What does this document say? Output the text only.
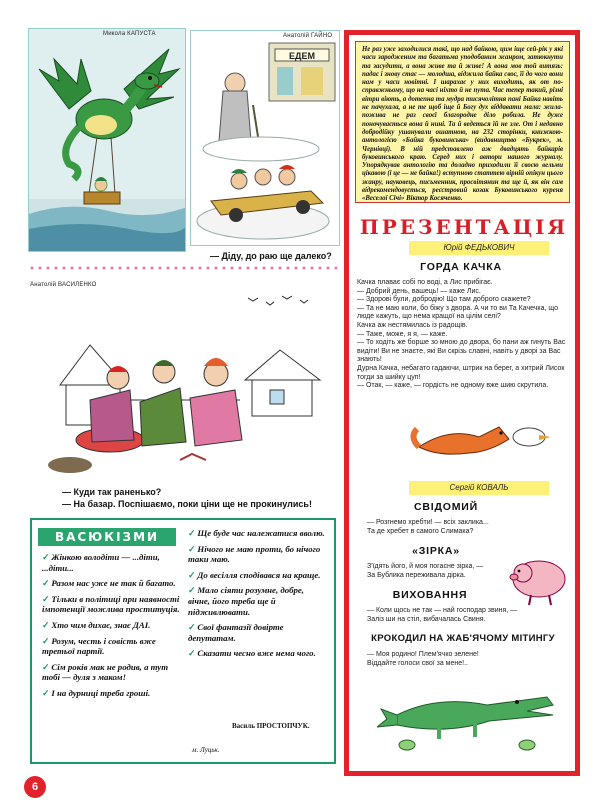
Микола КАПУСТА	Анатолій ГАЙНО
ЕДЕМ
— Діду, до раю ще далеко?
Анатолій ВАСИЛЕНКО
— Куди так раненько?
— На базар. Поспішаємо, поки ціни ще не прокинулись!
ВАСЮКІЗМИ
✓ Жінкою володіти — ...діти, ...діти...
✓ Разом нас уже не так й багато.
✓ Тільки в політиці при наявності імпотенції можлива проституція.
✓ Хто чим дихає, знає ДАІ.
✓ Розум, честь і совість вже третьої партії.
✓ Сім років мак не родив, а тут тобі — дуля з маком!
✓ І на дурниці треба гроші.
✓ Ще буде час належатися вволю.
✓ Нічого не маю проти, бо нічого таки маю.
✓ До весілля сподівався на краще.
✓ Мало сіяти розумне, добре, вічне, його треба ще й підживлювати.
✓ Свої фантазії довірте депутатам.
✓ Сказати чесно вже нема чого.
Василь ПРОСТОПЧУК.
м. Луцьк.
Не раз уже заходилися такі, що над байкою, цим іще сей-рік у які часи зародженим та багатьма уподобаним жанром, затюкнути та засудити, а вона живе та й живе! А вона мов той витязь: падає і знову стає — молодша, віджила байка своє, її до чого вони нам у часи новітні. І шарахає у них виходить, як от по-справжньому, що на часі ніхто й не пута. Час тепер такий, різні вітри віють, а дотепна та мудра тисячолітня пані Байка навіть не пачухала, а не те щоб іще й Богу дух віддавати мала: жила-пожива не раз своєї благородне діло робила. Не дуже поночувається вона й нині. Та й ведеться їй не зле. От і недавно добродійку ушанували ошатною, на 232 сторінки, книжкою-антологією «Байка буковинська» (видавництво «Букрек», м. Чернівці). В ній представлено аж двадцять байкарів буковинського краю. Серед них і автори нашого журналу. Упорядкував антологію та доладно приходили її своєю вельми цікавою (і це — не байка!) вступною статтею вірній опікун цього жанру, науковець, письменник, просвітянин та ще й, як він сам відрекомендовується, реєстровий козак Буковинського куреня «Веселої Січі» Віктор Косяченко.
ПРЕЗЕНТАЦІЯ
Юрій ФЕДЬКОВИЧ
ГОРДА КАЧКА
Качка плаває собі по воді, а Лис прибігає.
— Добрий день, вашець! — каже Лис.
— Здорові були, добродію! Що там доброго скажете?
— Та не маю коли, бо біжу з двора. А чи то ви Та Качечка, що люде кажуть, що нема кращої на цілім селі?
Качка аж нестямилась із радощів.
— Таже, може, я я, — каже.
— То ходіть же борше зо мною до двора, бо пани аж гинуть Вас видіти! Ви не знаєте, які Ви скрізь славні, навіть у дворі за Вас знають!
Дурна Качка, небагато гадаючи, штрик на берег, а хитрий Лисок тогди за шийку цуп!
— Отак, — каже, — гордість не одному вже шию скрутила.
Сергій КОВАЛЬ
СВІДОМИЙ
— Розгнемо хребти! — всіх заклика...
Та де хребет в самого Слимака?
«ЗІРКА»
З'їдять його, й моя погасне зірка, —
За Бубликa переживала дірка.
ВИХОВАННЯ
— Коли щось не так — най господар звиня, —
Заліз ши на стіл, вибачалась Свиня.
КРОКОДИЛ НА ЖАБ'ЯЧОМУ МІТИНГУ
— Моя родино! Плем'ячко зелене!
Віддайте голоси свої за мене!..
6
